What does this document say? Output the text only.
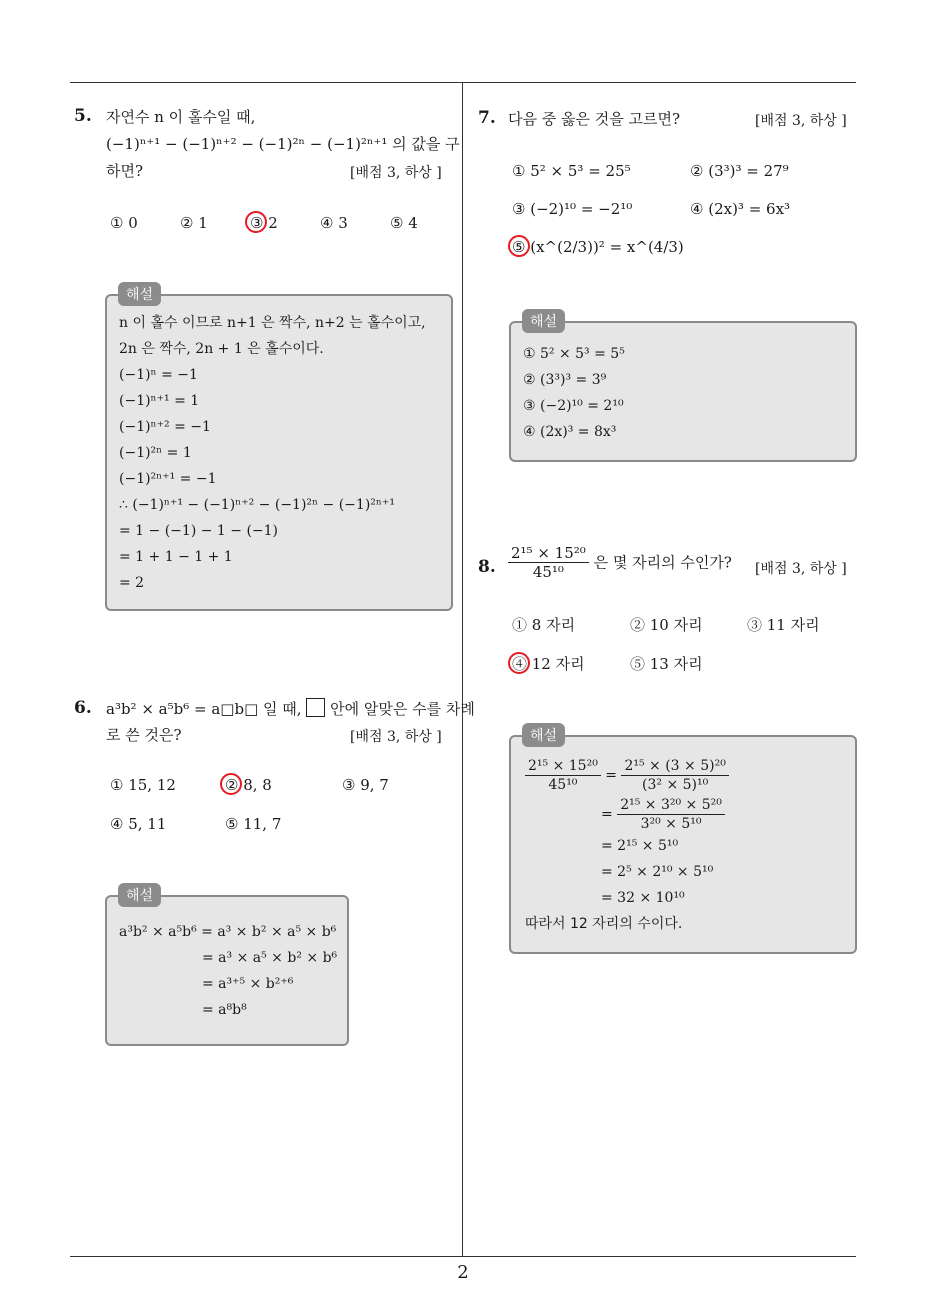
5. 자연수 n 이 홀수일 때,
(−1)ⁿ⁺¹ − (−1)ⁿ⁺² − (−1)²ⁿ − (−1)²ⁿ⁺¹ 의 값을 구
하면?	[배점 3, 하상 ]
① 0	② 1	③ 2	④ 3	⑤ 4
n 이 홀수 이므로 n+1 은 짝수, n+2 는 홀수이고,
2n 은 짝수, 2n + 1 은 홀수이다.
(−1)ⁿ = −1
(−1)ⁿ⁺¹ = 1
(−1)ⁿ⁺² = −1
(−1)²ⁿ = 1
(−1)²ⁿ⁺¹ = −1
∴ (−1)ⁿ⁺¹ − (−1)ⁿ⁺² − (−1)²ⁿ − (−1)²ⁿ⁺¹
= 1 − (−1) − 1 − (−1)
= 1 + 1 − 1 + 1
= 2
해설
6. a³b² × a⁵b⁶ = a□b□ 일 때, 안에 알맞은 수를 차례
로 쓴 것은?	[배점 3, 하상 ]
① 15, 12	② 8, 8	③ 9, 7
④ 5, 11	⑤ 11, 7
a³b² × a⁵b⁶ = a³ × b² × a⁵ × b⁶
= a³ × a⁵ × b² × b⁶
= a³⁺⁵ × b²⁺⁶
= a⁸b⁸
해설
7. 다음 중 옳은 것을 고르면?	[배점 3, 하상 ]
① 5² × 5³ = 25⁵	② (3³)³ = 27⁹
③ (−2)¹⁰ = −2¹⁰	④ (2x)³ = 6x³
⑤ (x^(2/3))² = x^(4/3)
① 5² × 5³ = 5⁵
② (3³)³ = 3⁹
③ (−2)¹⁰ = 2¹⁰
④ (2x)³ = 8x³
해설
8. $\frac{\text{2¹⁵ × 15²⁰}}{\text{45¹⁰}}$ 은 몇 자리의 수인가? [배점 3, 하상 ]
① 8 자리	② 10 자리	③ 11 자리
④ 12 자리	⑤ 13 자리
$\frac{\text{2¹⁵ × 15²⁰}}{\text{45¹⁰}} = \frac{\text{2¹⁵ × (3 × 5)²⁰}}{\text{(3² × 5)¹⁰}}$
= $\frac{\text{2¹⁵ × 3²⁰ × 5²⁰}}{\text{3²⁰ × 5¹⁰}}$
= 2¹⁵ × 5¹⁰
= 2⁵ × 2¹⁰ × 5¹⁰
= 32 × 10¹⁰
따라서 12 자리의 수이다.
해설
2
